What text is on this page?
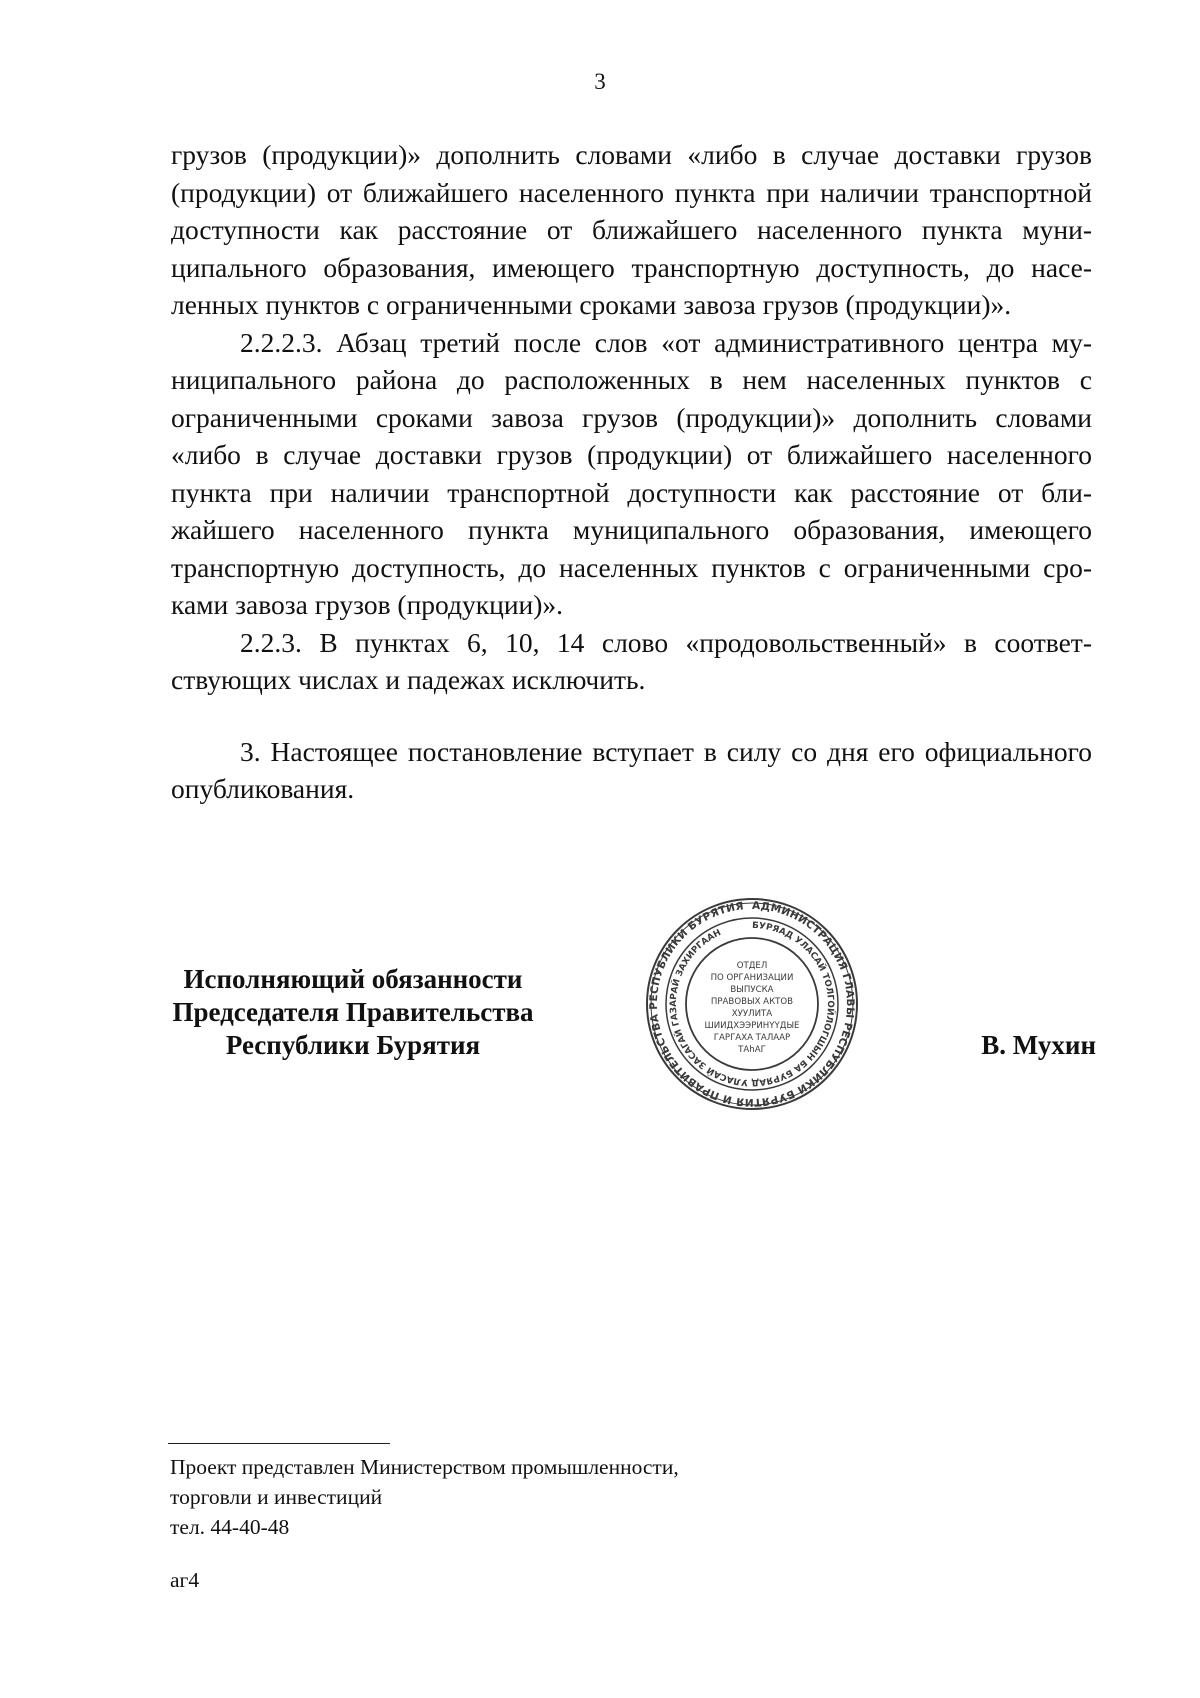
3

грузов (продукции)» дополнить словами «либо в случае доставки грузов (продукции) от ближайшего населенного пункта при наличии транспортной доступности как расстояние от ближайшего населенного пункта муниципального образования, имеющего транспортную доступность, до населенных пунктов с ограниченными сроками завоза грузов (продукции)».

2.2.2.3. Абзац третий после слов «от административного центра муниципального района до расположенных в нем населенных пунктов с ограниченными сроками завоза грузов (продукции)» дополнить словами «либо в случае доставки грузов (продукции) от ближайшего населенного пункта при наличии транспортной доступности как расстояние от ближайшего населенного пункта муниципального образования, имеющего транспортную доступность, до населенных пунктов с ограниченными сроками завоза грузов (продукции)».

2.2.3. В пунктах 6, 10, 14 слово «продовольственный» в соответствующих числах и падежах исключить.

3. Настоящее постановление вступает в силу со дня его официального опубликования.

Исполняющий обязанности
Председателя Правительства
Республики Бурятия	В. Мухин
АДМИНИСТРАЦИЯ ГЛАВЫ РЕСПУБЛИКИ БУРЯТИЯ И ПРАВИТЕЛЬСТВА РЕСПУБЛИКИ БУРЯТИЯ
БУРЯАД УЛАСАЙ ТОЛГОЙЛОГШЫН БА БУРЯАД УЛАСАЙ ЗАСАГАЙ ГАЗАРАЙ ЗАХИРГААН
ОТДЕЛ
ПО ОРГАНИЗАЦИИ
ВЫПУСКА
ПРАВОВЫХ АКТОВ
ХУУЛИТА
ШИИДХЭЭРИНҮҮДЫЕ
ГАРГАХА ТАЛААР
ТАhАГ
Проект представлен Министерством промышленности,
торговли и инвестиций
тел. 44-40-48
аг4
